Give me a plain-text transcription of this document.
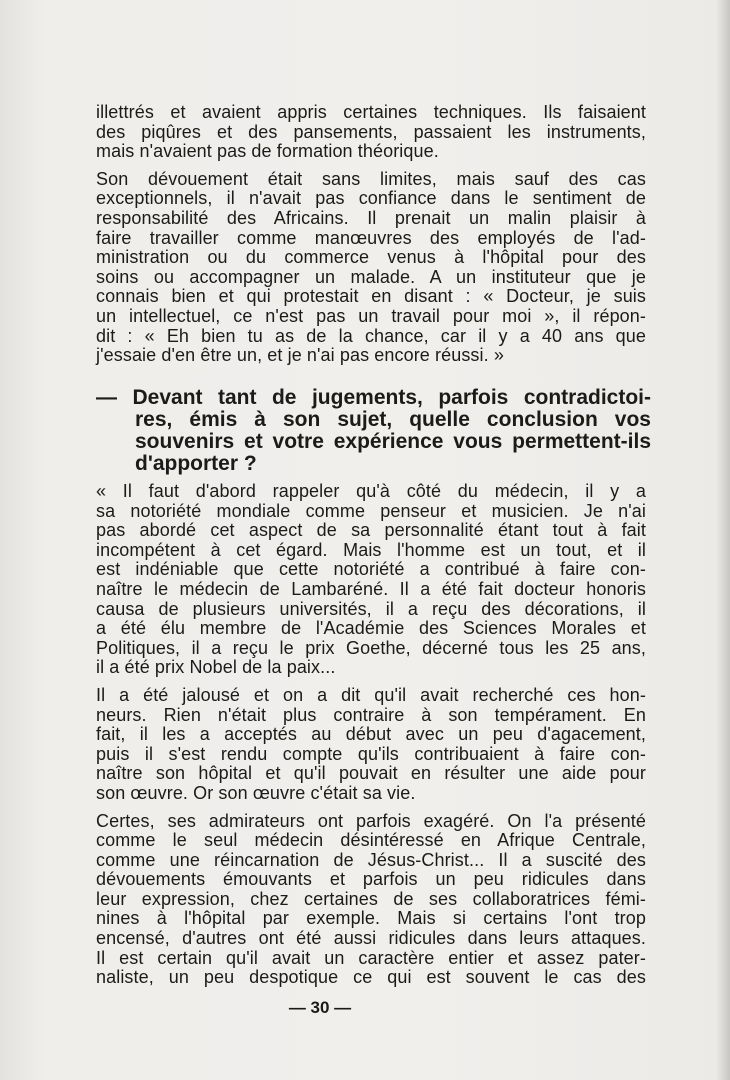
illettrés et avaient appris certaines techniques. Ils faisaient
des piqûres et des pansements, passaient les instruments,
mais n'avaient pas de formation théorique.
Son dévouement était sans limites, mais sauf des cas
exceptionnels, il n'avait pas confiance dans le sentiment de
responsabilité des Africains. Il prenait un malin plaisir à
faire travailler comme manœuvres des employés de l'ad-
ministration ou du commerce venus à l'hôpital pour des
soins ou accompagner un malade. A un instituteur que je
connais bien et qui protestait en disant : « Docteur, je suis
un intellectuel, ce n'est pas un travail pour moi », il répon-
dit : « Eh bien tu as de la chance, car il y a 40 ans que
j'essaie d'en être un, et je n'ai pas encore réussi. »
— Devant tant de jugements, parfois contradictoi-
res, émis à son sujet, quelle conclusion vos
souvenirs et votre expérience vous permettent-ils
d'apporter ?
« Il faut d'abord rappeler qu'à côté du médecin, il y a
sa notoriété mondiale comme penseur et musicien. Je n'ai
pas abordé cet aspect de sa personnalité étant tout à fait
incompétent à cet égard. Mais l'homme est un tout, et il
est indéniable que cette notoriété a contribué à faire con-
naître le médecin de Lambaréné. Il a été fait docteur honoris
causa de plusieurs universités, il a reçu des décorations, il
a été élu membre de l'Académie des Sciences Morales et
Politiques, il a reçu le prix Goethe, décerné tous les 25 ans,
il a été prix Nobel de la paix...
Il a été jalousé et on a dit qu'il avait recherché ces hon-
neurs. Rien n'était plus contraire à son tempérament. En
fait, il les a acceptés au début avec un peu d'agacement,
puis il s'est rendu compte qu'ils contribuaient à faire con-
naître son hôpital et qu'il pouvait en résulter une aide pour
son œuvre. Or son œuvre c'était sa vie.
Certes, ses admirateurs ont parfois exagéré. On l'a présenté
comme le seul médecin désintéressé en Afrique Centrale,
comme une réincarnation de Jésus-Christ... Il a suscité des
dévouements émouvants et parfois un peu ridicules dans
leur expression, chez certaines de ses collaboratrices fémi-
nines à l'hôpital par exemple. Mais si certains l'ont trop
encensé, d'autres ont été aussi ridicules dans leurs attaques.
Il est certain qu'il avait un caractère entier et assez pater-
naliste, un peu despotique ce qui est souvent le cas des
— 30 —
